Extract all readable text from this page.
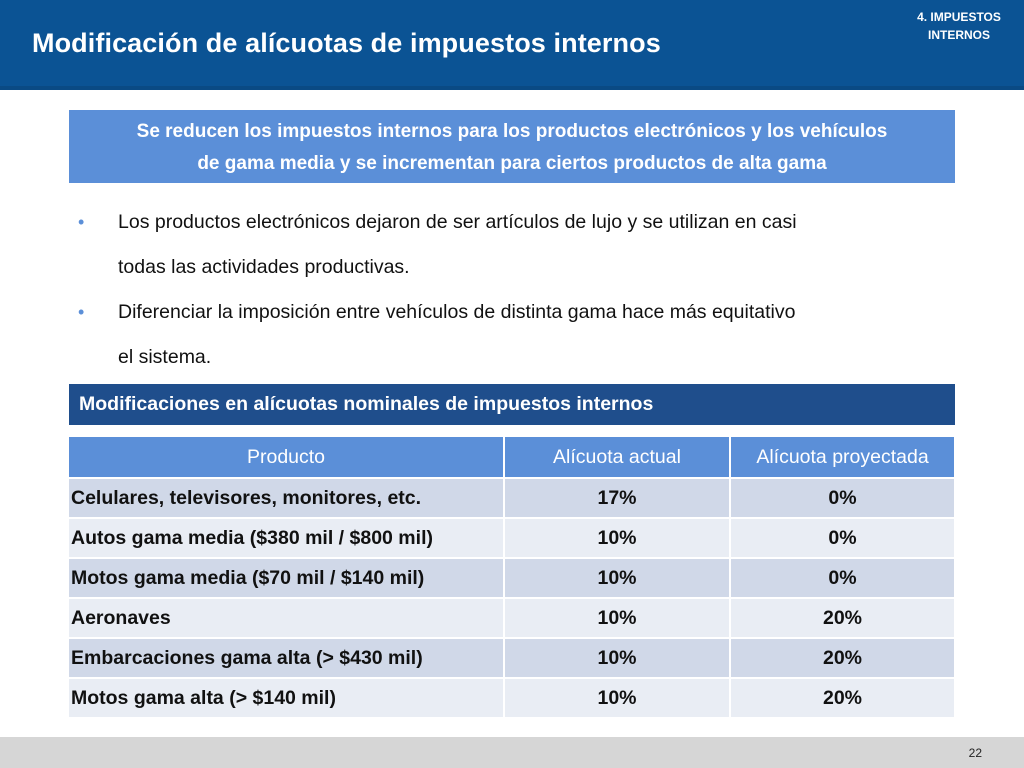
Modificación de alícuotas de impuestos internos
4. IMPUESTOS
INTERNOS
Se reducen los impuestos internos para los productos electrónicos y los vehículos
de gama media y se incrementan para ciertos productos de alta gama
• Los productos electrónicos dejaron de ser artículos de lujo y se utilizan en casi
todas las actividades productivas.
• Diferenciar la imposición entre vehículos de distinta gama hace más equitativo
el sistema.
Modificaciones en alícuotas nominales de impuestos internos
Producto	Alícuota actual	Alícuota proyectada
Celulares, televisores, monitores, etc.	17%	0%
Autos gama media ($380 mil / $800 mil)	10%	0%
Motos gama media ($70 mil / $140 mil)	10%	0%
Aeronaves	10%	20%
Embarcaciones gama alta (> $430 mil)	10%	20%
Motos gama alta (> $140 mil)	10%	20%
22
